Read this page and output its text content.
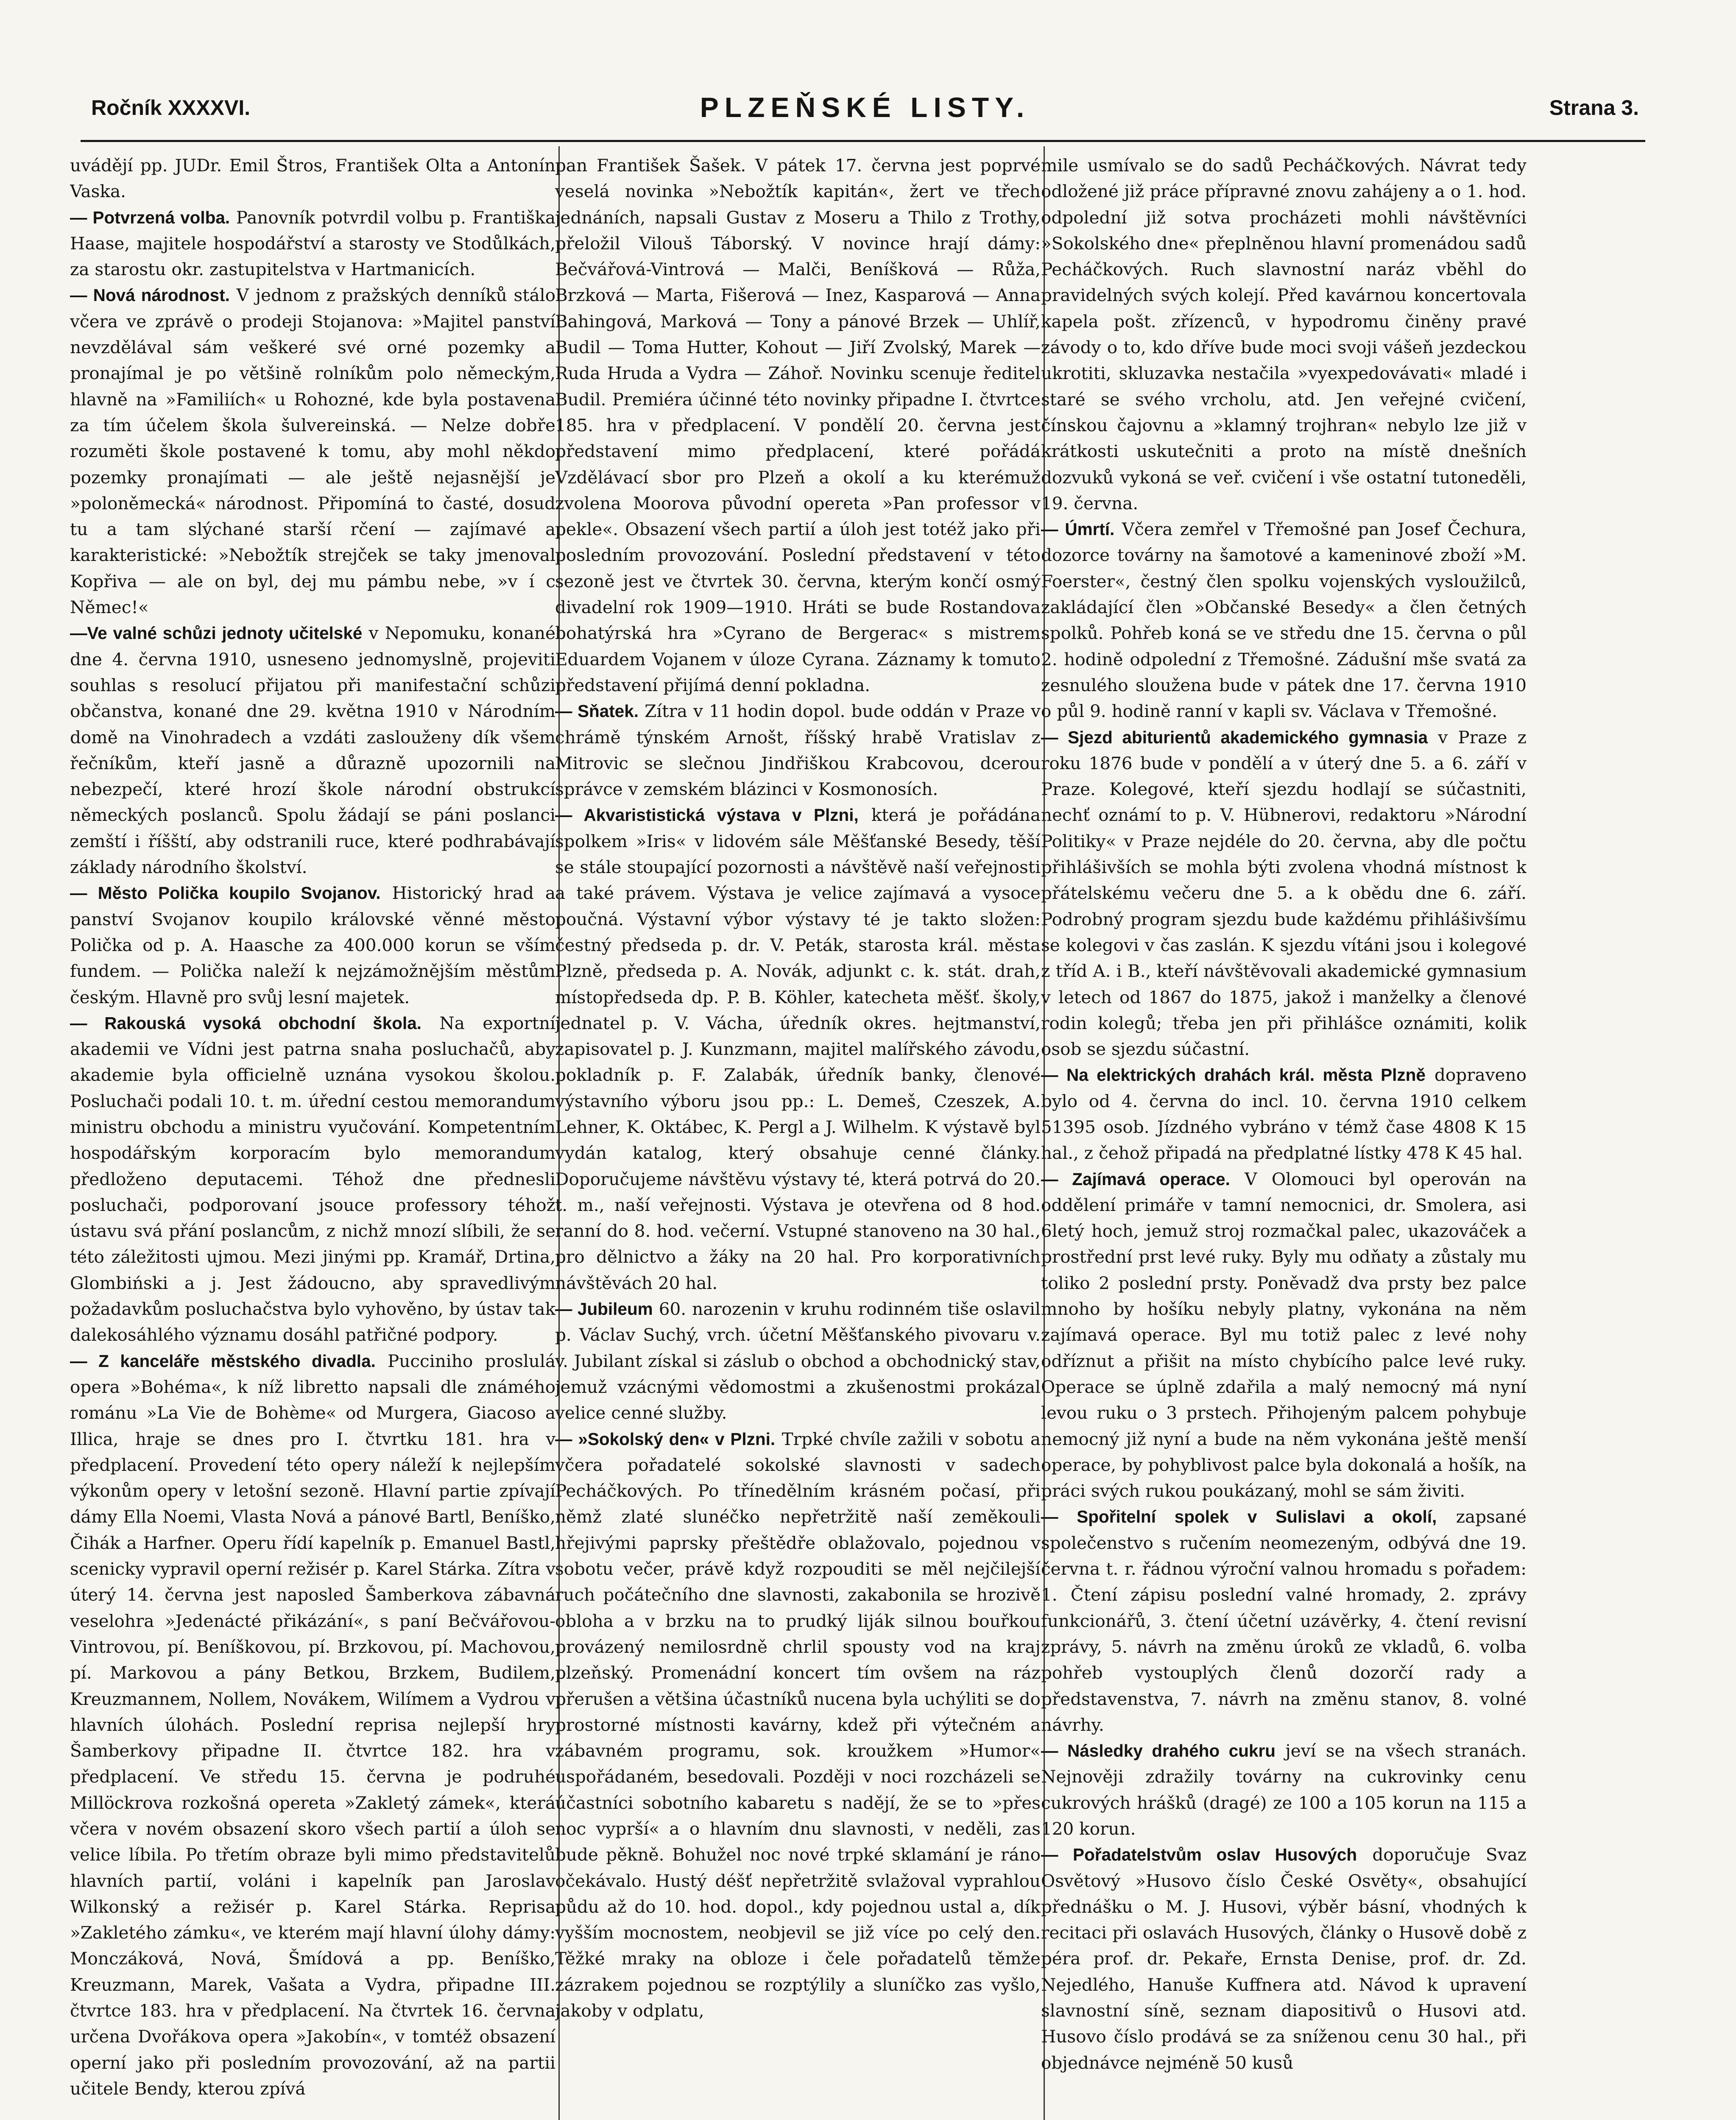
Ročník XXXXVI.	PLZEŇSKÉ LISTY.	Strana 3.

uvádějí pp. JUDr. Emil Štros, František Olta a Antonín Vaska.

— Potvrzená volba. Panovník potvrdil volbu p. Františka Haase, majitele hospodářství a starosty ve Stodůlkách, za starostu okr. zastupitelstva v Hartmanicích.

— Nová národnost. V jednom z pražských denníků stálo včera ve zprávě o prodeji Stojanova: »Majitel panství nevzdělával sám veškeré své orné pozemky a pronajímal je po většině rolníkům polo německým, hlavně na »Familiích« u Rohozné, kde byla postavena za tím účelem škola šulvereinská. — Nelze dobře rozuměti škole postavené k tomu, aby mohl někdo pozemky pronajímati — ale ještě nejasnější je »poloněmecká« národnost. Připomíná to časté, dosud tu a tam slýchané starší rčení — zajímavé a karakteristické: »Nebožtík strejček se taky jmenoval Kopřiva — ale on byl, dej mu pámbu nebe, »v í c Němec!«

—Ve valné schůzi jednoty učitelské v Nepomuku, konané dne 4. června 1910, usneseno jednomyslně, projeviti souhlas s resolucí přijatou při manifestační schůzi občanstva, konané dne 29. května 1910 v Národním domě na Vinohradech a vzdáti zaslouženy dík všem řečníkům, kteří jasně a důrazně upozornili na nebezpečí, které hrozí škole národní obstrukcí německých poslanců. Spolu žádají se páni poslanci zemští i říšští, aby odstranili ruce, které podhrabávají základy národního školství.

— Město Polička koupilo Svojanov. Historický hrad a panství Svojanov koupilo královské věnné město Polička od p. A. Haasche za 400.000 korun se vším fundem. — Polička naleží k nejzámožnějším městům českým. Hlavně pro svůj lesní majetek.

— Rakouská vysoká obchodní škola. Na exportní akademii ve Vídni jest patrna snaha posluchačů, aby akademie byla officielně uznána vysokou školou. Posluchači podali 10. t. m. úřední cestou memorandum ministru obchodu a ministru vyučování. Kompetentním hospodářským korporacím bylo memorandum předloženo deputacemi. Téhož dne přednesli posluchači, podporovaní jsouce professory téhož ústavu svá přání poslancům, z nichž mnozí slíbili, že se této záležitosti ujmou. Mezi jinými pp. Kramář, Drtina, Glombiński a j. Jest žádoucno, aby spravedlivým požadavkům posluchačstva bylo vyhověno, by ústav tak dalekosáhlého významu dosáhl patřičné podpory.

— Z kanceláře městského divadla. Pucciniho proslulá opera »Bohéma«, k níž libretto napsali dle známého románu »La Vie de Bohème« od Murgera, Giacoso a Illica, hraje se dnes pro I. čtvrtku 181. hra v předplacení. Provedení této opery náleží k nejlepším výkonům opery v letošní sezoně. Hlavní partie zpívají dámy Ella Noemi, Vlasta Nová a pánové Bartl, Beníško, Čihák a Harfner. Operu řídí kapelník p. Emanuel Bastl, scenicky vypravil operní režisér p. Karel Stárka. Zítra v úterý 14. června jest naposled Šamberkova zábavná veselohra »Jedenácté přikázání«, s paní Bečvářovou-Vintrovou, pí. Beníškovou, pí. Brzkovou, pí. Machovou, pí. Markovou a pány Betkou, Brzkem, Budilem, Kreuzmannem, Nollem, Novákem, Wilímem a Vydrou v hlavních úlohách. Poslední reprisa nejlepší hry Šamberkovy připadne II. čtvrtce 182. hra v předplacení. Ve středu 15. června je podruhé Millöckrova rozkošná opereta »Zakletý zámek«, která včera v novém obsazení skoro všech partií a úloh se velice líbila. Po třetím obraze byli mimo představitelů hlavních partií, voláni i kapelník pan Jaroslav Wilkonský a režisér p. Karel Stárka. Reprisa »Zakletého zámku«, ve kterém mají hlavní úlohy dámy: Monczáková, Nová, Šmídová a pp. Beníško, Kreuzmann, Marek, Vašata a Vydra, připadne III. čtvrtce 183. hra v předplacení. Na čtvrtek 16. června určena Dvořákova opera »Jakobín«, v tomtéž obsazení operní jako při posledním provozování, až na partii učitele Bendy, kterou zpívá

pan František Šašek. V pátek 17. června jest poprvé veselá novinka »Nebožtík kapitán«, žert ve třech jednáních, napsali Gustav z Moseru a Thilo z Trothy, přeložil Vilouš Táborský. V novince hrají dámy: Bečvářová-Vintrová — Malči, Beníšková — Růža, Brzková — Marta, Fišerová — Inez, Kasparová — Anna Bahingová, Marková — Tony a pánové Brzek — Uhlíř, Budil — Toma Hutter, Kohout — Jiří Zvolský, Marek — Ruda Hruda a Vydra — Záhoř. Novinku scenuje ředitel Budil. Premiéra účinné této novinky připadne I. čtvrtce 185. hra v předplacení. V pondělí 20. června jest představení mimo předplacení, které pořádá Vzdělávací sbor pro Plzeň a okolí a ku kterémuž zvolena Moorova původní opereta »Pan professor v pekle«. Obsazení všech partií a úloh jest totéž jako při posledním provozování. Poslední představení v této sezoně jest ve čtvrtek 30. června, kterým končí osmý divadelní rok 1909—1910. Hráti se bude Rostandova bohatýrská hra »Cyrano de Bergerac« s mistrem Eduardem Vojanem v úloze Cyrana. Záznamy k tomuto představení přijímá denní pokladna.

— Sňatek. Zítra v 11 hodin dopol. bude oddán v Praze v chrámě týnském Arnošt, říšský hrabě Vratislav z Mitrovic se slečnou Jindřiškou Krabcovou, dcerou správce v zemském blázinci v Kosmonosích.

— Akvarististická výstava v Plzni, která je pořádána spolkem »Iris« v lidovém sále Měšťanské Besedy, těší se stále stoupající pozornosti a návštěvě naší veřejnosti a také právem. Výstava je velice zajímavá a vysoce poučná. Výstavní výbor výstavy té je takto složen: čestný předseda p. dr. V. Peták, starosta král. města Plzně, předseda p. A. Novák, adjunkt c. k. stát. drah, místopředseda dp. P. B. Köhler, katecheta měšť. školy, jednatel p. V. Vácha, úředník okres. hejtmanství, zapisovatel p. J. Kunzmann, majitel malířského závodu, pokladník p. F. Zalabák, úředník banky, členové výstavního výboru jsou pp.: L. Demeš, Czeszek, A. Lehner, K. Oktábec, K. Pergl a J. Wilhelm. K výstavě byl vydán katalog, který obsahuje cenné články. Doporučujeme návštěvu výstavy té, která potrvá do 20. t. m., naší veřejnosti. Výstava je otevřena od 8 hod. ranní do 8. hod. večerní. Vstupné stanoveno na 30 hal., pro dělnictvo a žáky na 20 hal. Pro korporativních návštěvách 20 hal.

— Jubileum 60. narozenin v kruhu rodinném tiše oslavil p. Václav Suchý, vrch. účetní Měšťanského pivovaru v. v. Jubilant získal si záslub o obchod a obchodnický stav, jemuž vzácnými vědomostmi a zkušenostmi prokázal velice cenné služby.

— »Sokolský den« v Plzni. Trpké chvíle zažili v sobotu a včera pořadatelé sokolské slavnosti v sadech Pecháčkových. Po třínedělním krásném počasí, při němž zlaté slunéčko nepřetržitě naší zeměkouli hřejivými paprsky přeštědře oblažovalo, pojednou v sobotu večer, právě když rozpouditi se měl nejčilejší ruch počátečního dne slavnosti, zakabonila se hrozivě obloha a v brzku na to prudký liják silnou bouřkou provázený nemilosrdně chrlil spousty vod na kraj plzeňský. Promenádní koncert tím ovšem na ráz přerušen a většina účastníků nucena byla uchýliti se do prostorné místnosti kavárny, kdež při výtečném a zábavném programu, sok. kroužkem »Humor« uspořádaném, besedovali. Později v noci rozcházeli se účastníci sobotního kabaretu s nadějí, že se to »přes noc vyprší« a o hlavním dnu slavnosti, v neděli, zas bude pěkně. Bohužel noc nové trpké sklamání je ráno očekávalo. Hustý déšť nepřetržitě svlažoval vyprahlou půdu až do 10. hod. dopol., kdy pojednou ustal a, dík vyšším mocnostem, neobjevil se již více po celý den. Těžké mraky na obloze i čele pořadatelů těmže zázrakem pojednou se rozptýlily a sluníčko zas vyšlo, jakoby v odplatu,

mile usmívalo se do sadů Pecháčkových. Návrat tedy odložené již práce přípravné znovu zahájeny a o 1. hod. odpolední již sotva procházeti mohli návštěvníci »Sokolského dne« přeplněnou hlavní promenádou sadů Pecháčkových. Ruch slavnostní naráz vběhl do pravidelných svých kolejí. Před kavárnou koncertovala kapela pošt. zřízenců, v hypodromu činěny pravé závody o to, kdo dříve bude moci svoji vášeň jezdeckou ukrotiti, skluzavka nestačila »vyexpedovávati« mladé i staré se svého vrcholu, atd. Jen veřejné cvičení, čínskou čajovnu a »klamný trojhran« nebylo lze již v krátkosti uskutečniti a proto na místě dnešních dozvuků vykoná se veř. cvičení i vše ostatní tutoneděli, 19. června.

— Úmrtí. Včera zemřel v Třemošné pan Josef Čechura, dozorce továrny na šamotové a kameninové zboží »M. Foerster«, čestný člen spolku vojenských vysloužilců, zakládající člen »Občanské Besedy« a člen četných spolků. Pohřeb koná se ve středu dne 15. června o půl 2. hodině odpolední z Třemošné. Zádušní mše svatá za zesnulého sloužena bude v pátek dne 17. června 1910 o půl 9. hodině ranní v kapli sv. Václava v Třemošné.

— Sjezd abiturientů akademického gymnasia v Praze z roku 1876 bude v pondělí a v úterý dne 5. a 6. září v Praze. Kolegové, kteří sjezdu hodlají se súčastniti, nechť oznámí to p. V. Hübnerovi, redaktoru »Národní Politiky« v Praze nejdéle do 20. června, aby dle počtu přihlášivších se mohla býti zvolena vhodná místnost k přátelskému večeru dne 5. a k obědu dne 6. září. Podrobný program sjezdu bude každému přihlášivšímu se kolegovi v čas zaslán. K sjezdu vítáni jsou i kolegové z tříd A. i B., kteří návštěvovali akademické gymnasium v letech od 1867 do 1875, jakož i manželky a členové rodin kolegů; třeba jen při přihlášce oznámiti, kolik osob se sjezdu súčastní.

— Na elektrických drahách král. města Plzně dopraveno bylo od 4. června do incl. 10. června 1910 celkem 51395 osob. Jízdného vybráno v témž čase 4808 K 15 hal., z čehož připadá na předplatné lístky 478 K 45 hal.

— Zajímavá operace. V Olomouci byl operován na oddělení primáře v tamní nemocnici, dr. Smolera, asi 6letý hoch, jemuž stroj rozmačkal palec, ukazováček a prostřední prst levé ruky. Byly mu odňaty a zůstaly mu toliko 2 poslední prsty. Poněvadž dva prsty bez palce mnoho by hošíku nebyly platny, vykonána na něm zajímavá operace. Byl mu totiž palec z levé nohy odříznut a přišit na místo chybícího palce levé ruky. Operace se úplně zdařila a malý nemocný má nyní levou ruku o 3 prstech. Přihojeným palcem pohybuje nemocný již nyní a bude na něm vykonána ještě menší operace, by pohyblivost palce byla dokonalá a hošík, na práci svých rukou poukázaný, mohl se sám živiti.

— Spořitelní spolek v Sulislavi a okolí, zapsané společenstvo s ručením neomezeným, odbývá dne 19. června t. r. řádnou výroční valnou hromadu s pořadem: 1. Čtení zápisu poslední valné hromady, 2. zprávy funkcionářů, 3. čtení účetní uzávěrky, 4. čtení revisní zprávy, 5. návrh na změnu úroků ze vkladů, 6. volba pohřeb vystouplých členů dozorčí rady a představenstva, 7. návrh na změnu stanov, 8. volné návrhy.

— Následky drahého cukru jeví se na všech stranách. Nejnověji zdražily továrny na cukrovinky cenu cukrových hrášků (dragé) ze 100 a 105 korun na 115 a 120 korun.

— Pořadatelstvům oslav Husových doporučuje Svaz Osvětový »Husovo číslo České Osvěty«, obsahující přednášku o M. J. Husovi, výběr básní, vhodných k recitaci při oslavách Husových, články o Husově době z péra prof. dr. Pekaře, Ernsta Denise, prof. dr. Zd. Nejedlého, Hanuše Kuffnera atd. Návod k upravení slavnostní síně, seznam diapositivů o Husovi atd. Husovo číslo prodává se za sníženou cenu 30 hal., při objednávce nejméně 50 kusů
